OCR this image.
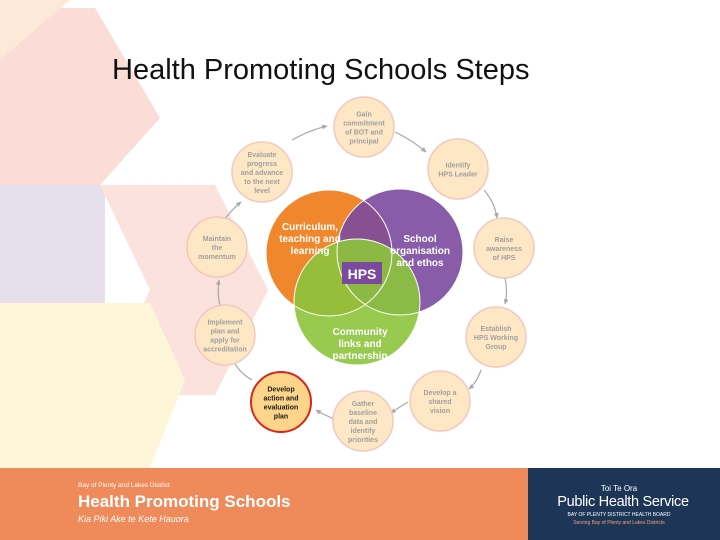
Gain commitment of BOT and principal
Identify HPS Leader
Raise awareness of HPS
Establish HPS Working Group
Develop a shared vision
Gather baseline data and identify priorities
Develop action and evaluation plan
Implement plan and apply for accreditation
Maintain the momentum
Evaluate progress and advance to the next level
HPS
Curriculum, teaching and learning
School organisation and ethos
Community links and partnership
Health Promoting Schools Steps
Bay of Plenty and Lakes District
Health Promoting Schools
Kia Piki Ake te Kete Hauora
Toi Te Ora
Public Health Service
BAY OF PLENTY DISTRICT HEALTH BOARD
Serving Bay of Plenty and Lakes Districts
